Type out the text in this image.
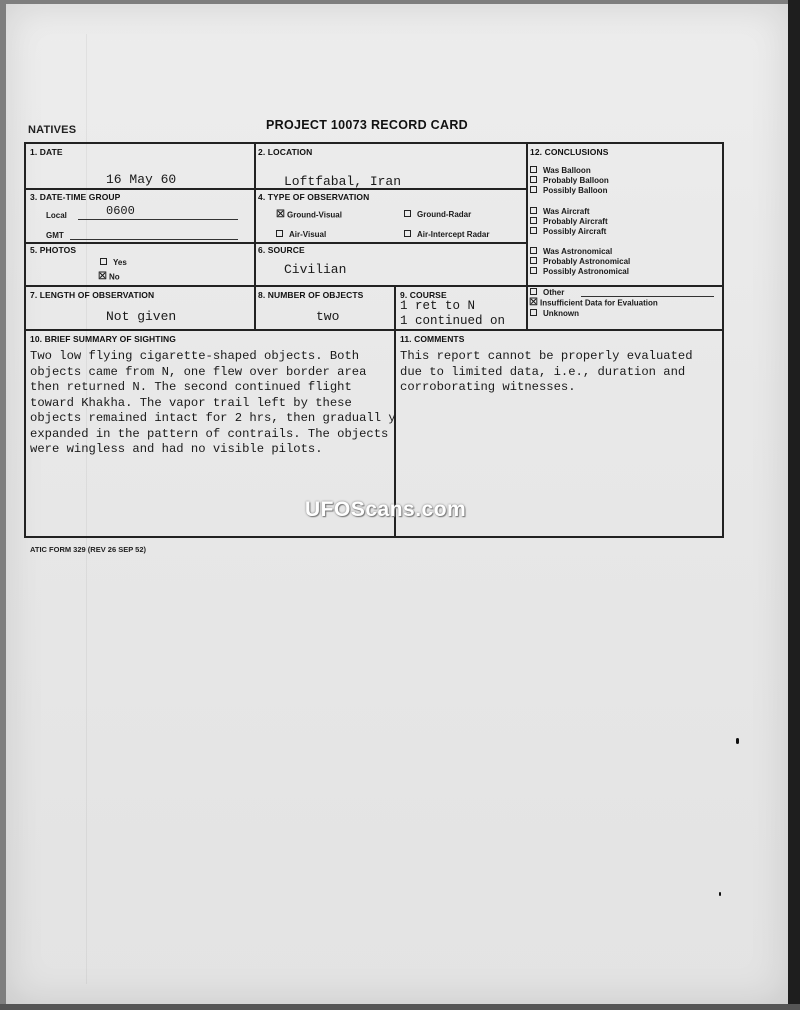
NATIVES	PROJECT 10073 RECORD CARD
1. DATE
16 May 60
2. LOCATION
Loftfabal, Iran
3. DATE-TIME GROUP
Local	0600
GMT
4. TYPE OF OBSERVATION
☒ Ground-Visual	Ground-Radar
Air-Visual	Air-Intercept Radar
5. PHOTOS
Yes
☒ No
6. SOURCE
Civilian
7. LENGTH OF OBSERVATION
Not given
8. NUMBER OF OBJECTS
two
9. COURSE
1 ret to N
1 continued on
10. BRIEF SUMMARY OF SIGHTING
Two low flying cigarette-shaped objects. Both
objects came from N, one flew over border area
then returned N. The second continued flight
toward Khakha. The vapor trail left by these
objects remained intact for 2 hrs, then graduall y
expanded in the pattern of contrails. The objects
were wingless and had no visible pilots.
11. COMMENTS
This report cannot be properly evaluated
due to limited data, i.e., duration and
corroborating witnesses.
12. CONCLUSIONS
Was Balloon
Probably Balloon
Possibly Balloon
Was Aircraft
Probably Aircraft
Possibly Aircraft
Was Astronomical
Probably Astronomical
Possibly Astronomical
Other
☒ Insufficient Data for Evaluation
Unknown
ATIC FORM 329 (REV 26 SEP 52)
UFOScans.com
